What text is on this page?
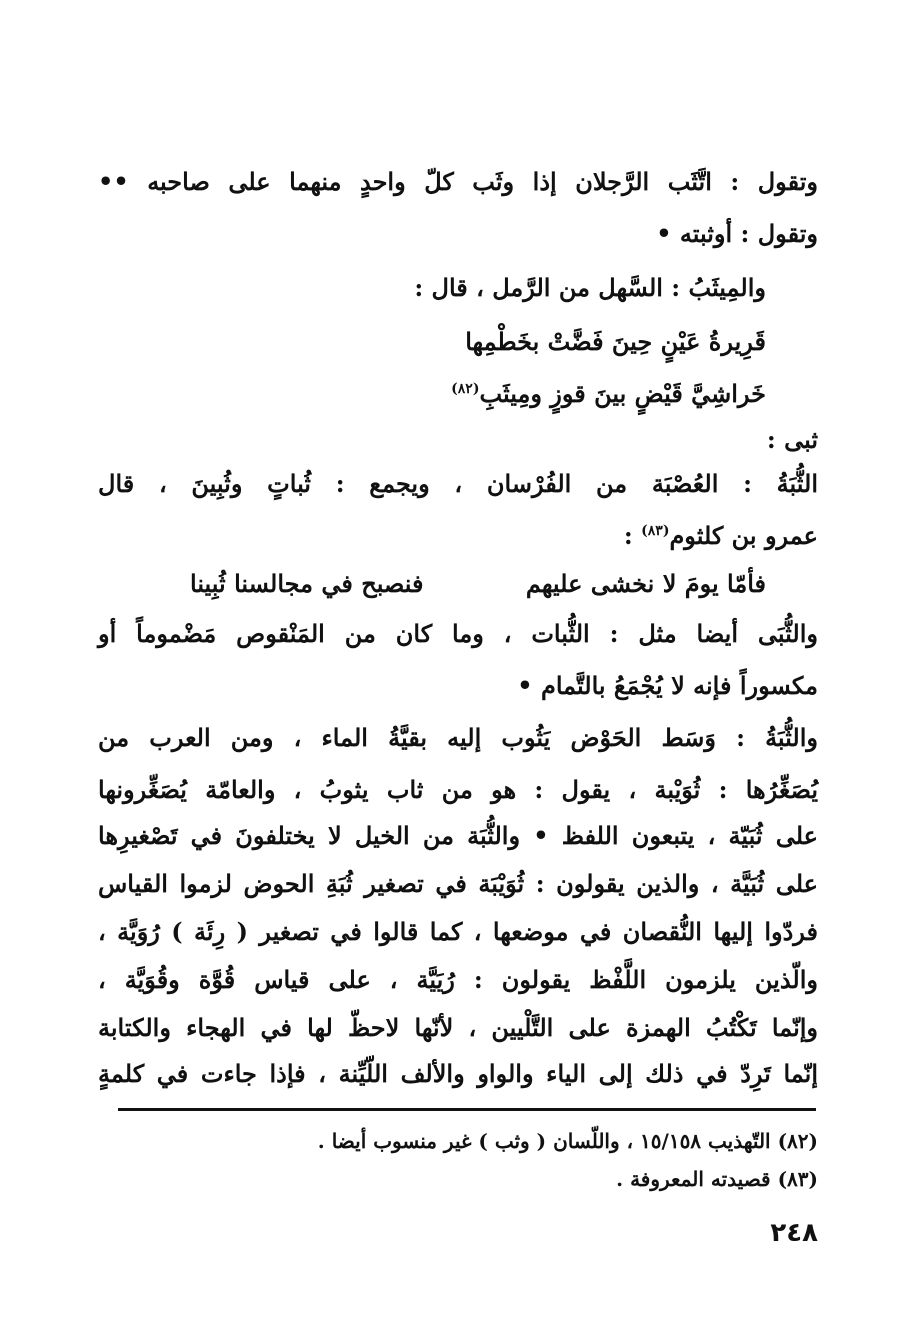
وتقول : اتَّثَب الرَّجلان إذا وثَب كلّ واحدٍ منهما على صاحبه ••
وتقول : أوثبته •
والمِيثَبُ : السَّهل من الرَّمل ، قال :
قَرِيرةُ عَيْنٍ حِينَ فَضَّتْ بخَطْمِها
خَراشِيَّ قَيْضٍ بينَ قوزٍ ومِيثَبِ$^{(٨٢)}$
ثبى :
الثُّبَةُ : العُصْبَة من الفُرْسان ، ويجمع : ثُباتٍ وثُبِينَ ، قال
عمرو بن كلثوم$^{(٨٣)}$ :
فأمّا يومَ لا نخشى عليهم
فنصبح في مجالسنا ثُبِينا
والثُّبَى أيضا مثل : الثُّبات ، وما كان من المَنْقوص مَضْموماً أو
مكسوراً فإنه لا يُجْمَعُ بالتَّمام •
والثُّبَةُ : وَسَط الحَوْض يَثُوب إليه بقيَّةُ الماء ، ومن العرب من
يُصَغِّرُها : ثُوَيْبة ، يقول : هو من ثاب يثوبُ ، والعامّة يُصَغِّرونها
على ثُبَيّة ، يتبعون اللفظ • والثُّبَة من الخيل لا يختلفونَ في تَصْغيرِها
على ثُبَيَّة ، والذين يقولون : ثُوَيْبَة في تصغير ثُبَةِ الحوض لزموا القياس
فردّوا إليها النُّقصان في موضعها ، كما قالوا في تصغير ( رِئَة ) رُوَيَّة ،
والّذين يلزمون اللَّفْظ يقولون : رُيَيَّة ، على قياس قُوَّة وقُوَيَّة ،
وإنّما تَكْتُبُ الهمزة على التَّلْيين ، لأنّها لاحظّ لها في الهجاء والكتابة
إنّما تَرِدّ في ذلك إلى الياء والواو والألف اللّيِّنة ، فإذا جاءت في كلمةٍ
(٨٢) التّهذيب ١٥/١٥٨ ، واللّسان ( وثب ) غير منسوب أيضا .
(٨٣) قصيدته المعروفة .
٢٤٨
